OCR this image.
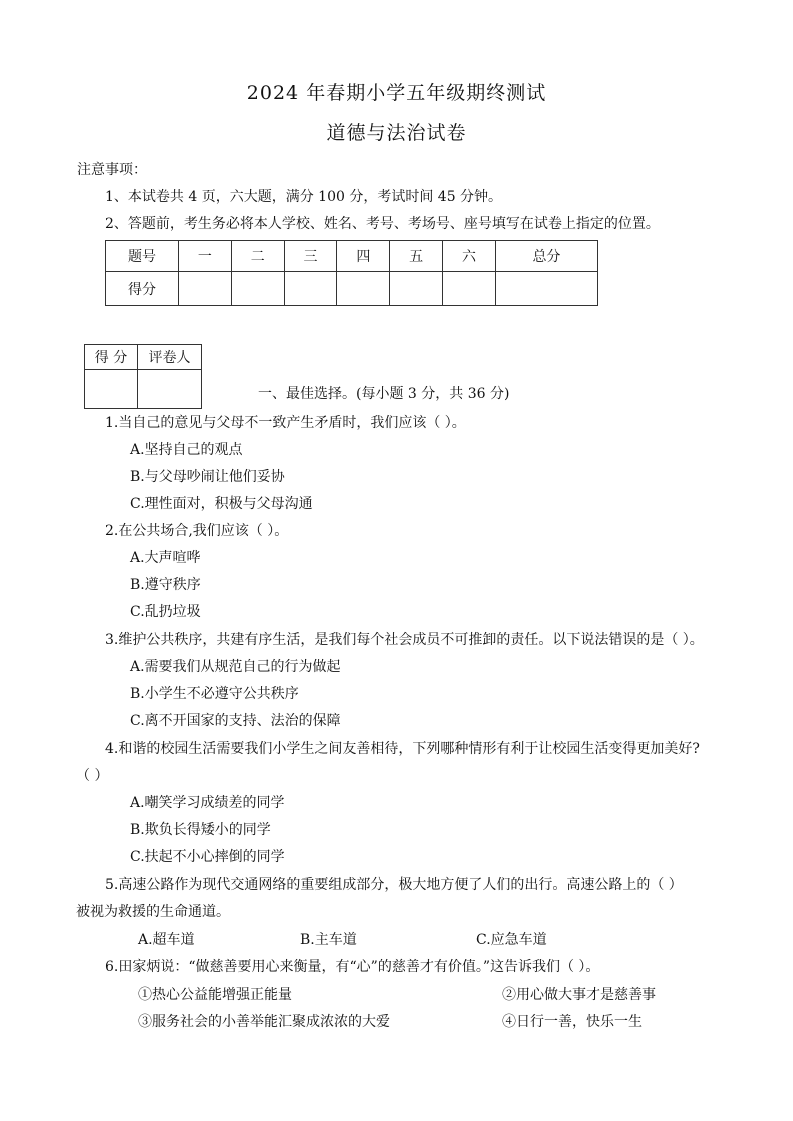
2024 年春期小学五年级期终测试
道德与法治试卷
注意事项：
1、本试卷共 4 页，六大题，满分 100 分，考试时间 45 分钟。
2、答题前，考生务必将本人学校、姓名、考号、考场号、座号填写在试卷上指定的位置。
题号	一	二	三	四	五	六	总分
得分							
得 分	评卷人

一、最佳选择。(每小题 3 分，共 36 分)
1.当自己的意见与父母不一致产生矛盾时，我们应该（ ）。
A.坚持自己的观点
B.与父母吵闹让他们妥协
C.理性面对，积极与父母沟通
2.在公共场合,我们应该（ ）。
A.大声喧哗
B.遵守秩序
C.乱扔垃圾
3.维护公共秩序，共建有序生活，是我们每个社会成员不可推卸的责任。以下说法错误的是（ ）。
A.需要我们从规范自己的行为做起
B.小学生不必遵守公共秩序
C.离不开国家的支持、法治的保障
4.和谐的校园生活需要我们小学生之间友善相待，下列哪种情形有利于让校园生活变得更加美好?
（ ）
A.嘲笑学习成绩差的同学
B.欺负长得矮小的同学
C.扶起不小心摔倒的同学
5.高速公路作为现代交通网络的重要组成部分，极大地方便了人们的出行。高速公路上的（ ）
被视为救援的生命通道。
A.超车道	B.主车道	C.应急车道
6.田家炳说：“做慈善要用心来衡量，有“心”的慈善才有价值。”这告诉我们（ ）。
①热心公益能增强正能量	②用心做大事才是慈善事
③服务社会的小善举能汇聚成浓浓的大爱	④日行一善，快乐一生
